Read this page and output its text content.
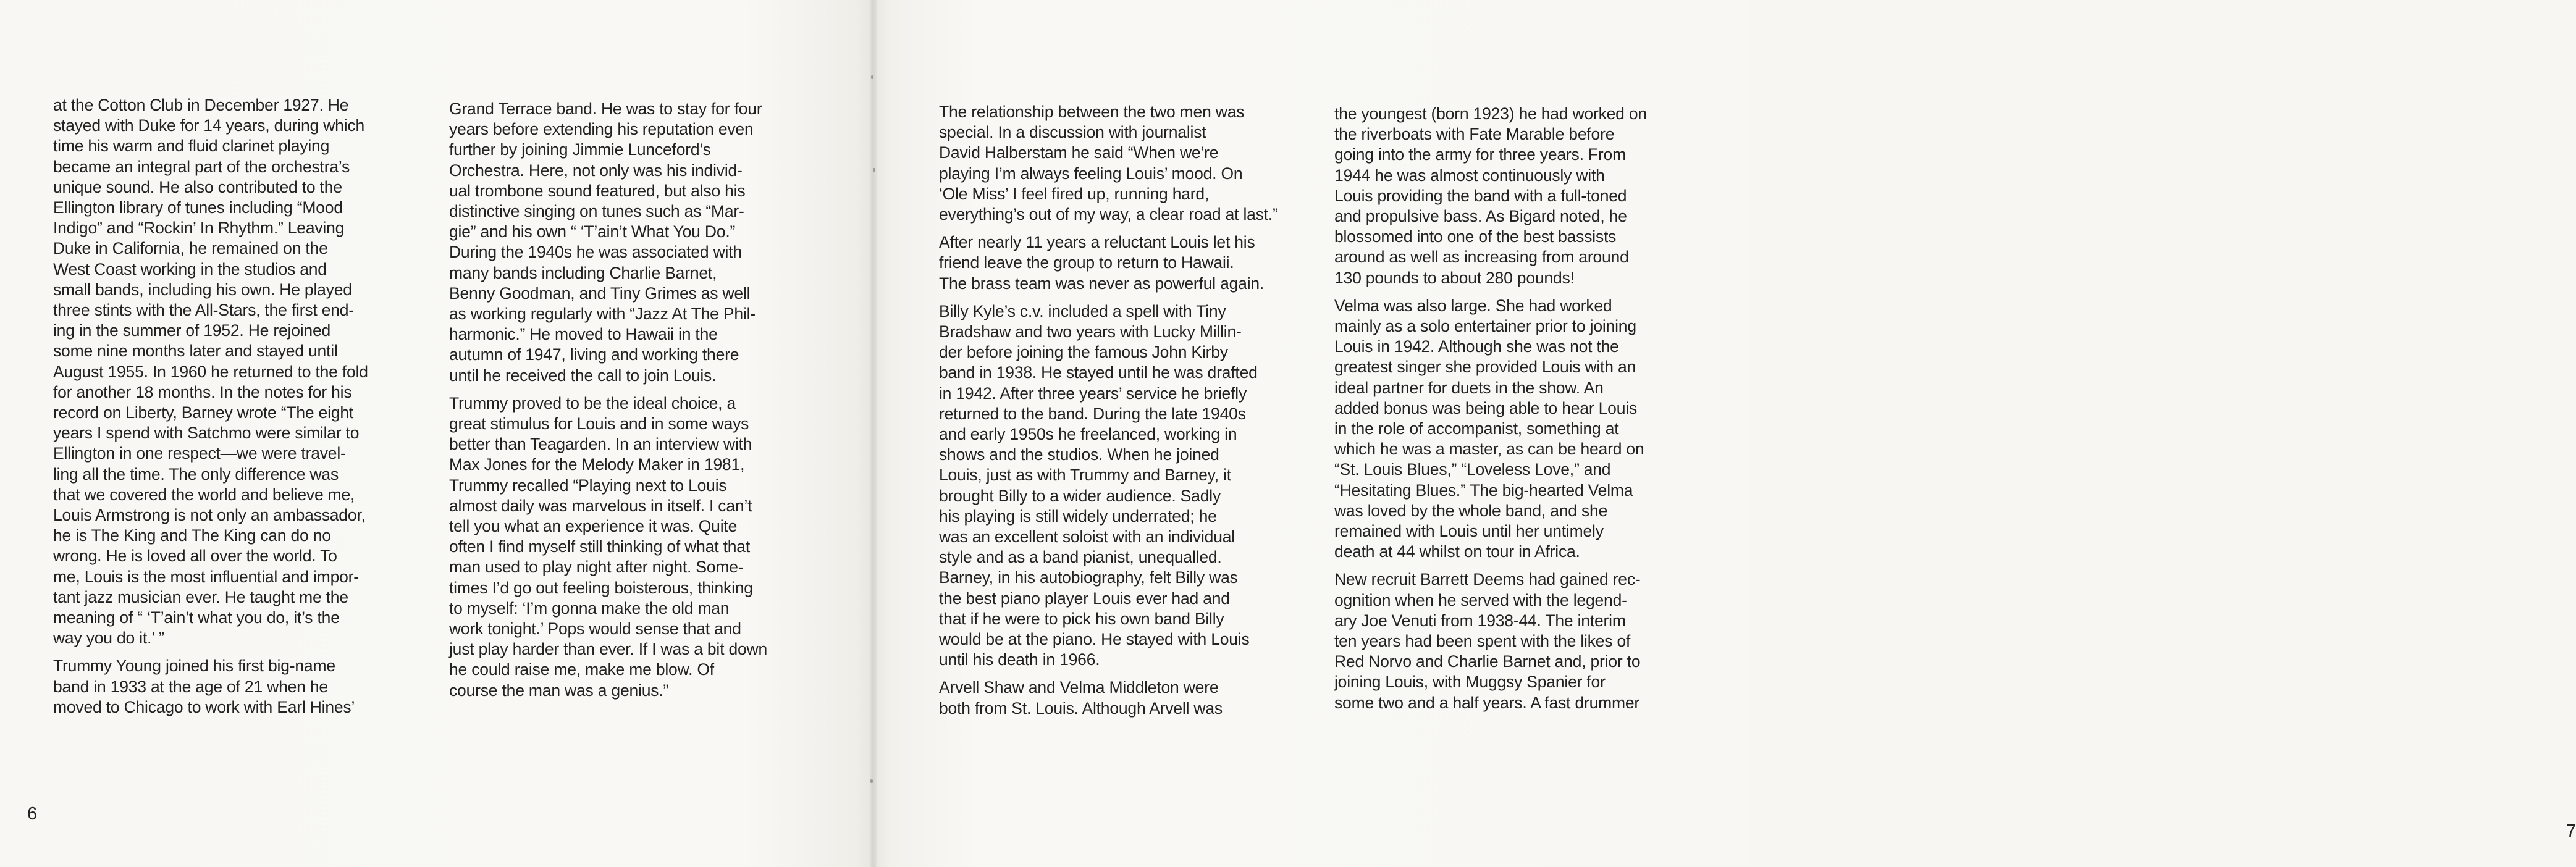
at the Cotton Club in December 1927. He
stayed with Duke for 14 years, during which
time his warm and fluid clarinet playing
became an integral part of the orchestra’s
unique sound. He also contributed to the
Ellington library of tunes including “Mood
Indigo” and “Rockin’ In Rhythm.” Leaving
Duke in California, he remained on the
West Coast working in the studios and
small bands, including his own. He played
three stints with the All-Stars, the first end-
ing in the summer of 1952. He rejoined
some nine months later and stayed until
August 1955. In 1960 he returned to the fold
for another 18 months. In the notes for his
record on Liberty, Barney wrote “The eight
years I spend with Satchmo were similar to
Ellington in one respect—we were travel-
ling all the time. The only difference was
that we covered the world and believe me,
Louis Armstrong is not only an ambassador,
he is The King and The King can do no
wrong. He is loved all over the world. To
me, Louis is the most influential and impor-
tant jazz musician ever. He taught me the
meaning of “ ‘T’ain’t what you do, it’s the
way you do it.’ ”

Trummy Young joined his first big-name
band in 1933 at the age of 21 when he
moved to Chicago to work with Earl Hines’

Grand Terrace band. He was to stay for four
years before extending his reputation even
further by joining Jimmie Lunceford’s
Orchestra. Here, not only was his individ-
ual trombone sound featured, but also his
distinctive singing on tunes such as “Mar-
gie” and his own “ ‘T’ain’t What You Do.”
During the 1940s he was associated with
many bands including Charlie Barnet,
Benny Goodman, and Tiny Grimes as well
as working regularly with “Jazz At The Phil-
harmonic.” He moved to Hawaii in the
autumn of 1947, living and working there
until he received the call to join Louis.

Trummy proved to be the ideal choice, a
great stimulus for Louis and in some ways
better than Teagarden. In an interview with
Max Jones for the Melody Maker in 1981,
Trummy recalled “Playing next to Louis
almost daily was marvelous in itself. I can’t
tell you what an experience it was. Quite
often I find myself still thinking of what that
man used to play night after night. Some-
times I’d go out feeling boisterous, thinking
to myself: ‘I’m gonna make the old man
work tonight.’ Pops would sense that and
just play harder than ever. If I was a bit down
he could raise me, make me blow. Of
course the man was a genius.”

6
7

The relationship between the two men was
special. In a discussion with journalist
David Halberstam he said “When we’re
playing I’m always feeling Louis’ mood. On
‘Ole Miss’ I feel fired up, running hard,
everything’s out of my way, a clear road at last.”

After nearly 11 years a reluctant Louis let his
friend leave the group to return to Hawaii.
The brass team was never as powerful again.

Billy Kyle’s c.v. included a spell with Tiny
Bradshaw and two years with Lucky Millin-
der before joining the famous John Kirby
band in 1938. He stayed until he was drafted
in 1942. After three years’ service he briefly
returned to the band. During the late 1940s
and early 1950s he freelanced, working in
shows and the studios. When he joined
Louis, just as with Trummy and Barney, it
brought Billy to a wider audience. Sadly
his playing is still widely underrated; he
was an excellent soloist with an individual
style and as a band pianist, unequalled.
Barney, in his autobiography, felt Billy was
the best piano player Louis ever had and
that if he were to pick his own band Billy
would be at the piano. He stayed with Louis
until his death in 1966.

Arvell Shaw and Velma Middleton were
both from St. Louis. Although Arvell was

the youngest (born 1923) he had worked on
the riverboats with Fate Marable before
going into the army for three years. From
1944 he was almost continuously with
Louis providing the band with a full-toned
and propulsive bass. As Bigard noted, he
blossomed into one of the best bassists
around as well as increasing from around
130 pounds to about 280 pounds!

Velma was also large. She had worked
mainly as a solo entertainer prior to joining
Louis in 1942. Although she was not the
greatest singer she provided Louis with an
ideal partner for duets in the show. An
added bonus was being able to hear Louis
in the role of accompanist, something at
which he was a master, as can be heard on
“St. Louis Blues,” “Loveless Love,” and
“Hesitating Blues.” The big-hearted Velma
was loved by the whole band, and she
remained with Louis until her untimely
death at 44 whilst on tour in Africa.

New recruit Barrett Deems had gained rec-
ognition when he served with the legend-
ary Joe Venuti from 1938-44. The interim
ten years had been spent with the likes of
Red Norvo and Charlie Barnet and, prior to
joining Louis, with Muggsy Spanier for
some two and a half years. A fast drummer
